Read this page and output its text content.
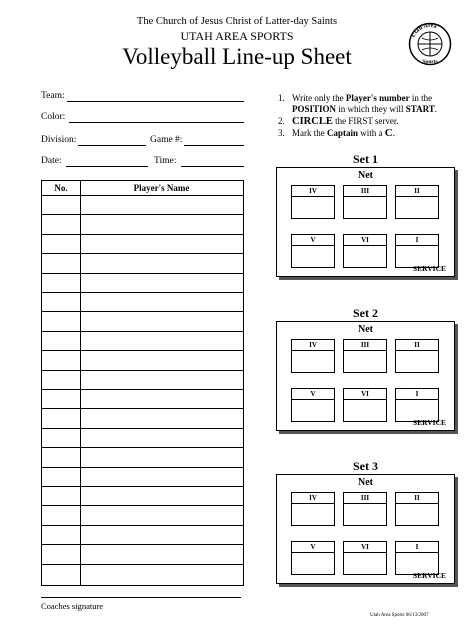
The Church of Jesus Christ of Latter-day Saints
UTAH AREA SPORTS
Volleyball Line-up Sheet
Utah Area
Sports
Team:
Color:
Division:	Game #:
Date:	Time:
1. Write only the Player's number in the POSITION in which they will START.
2. CIRCLE the FIRST server.
3. Mark the Captain with a C.
No.	Player's Name
Set 1
Net
IV	III	II
V	VI	I
SERVICE
Set 2
Net
IV	III	II
V	VI	I
SERVICE
Set 3
Net
IV	III	II
V	VI	I
SERVICE
Coaches signature
Utah Area Sports 06/13/2007
